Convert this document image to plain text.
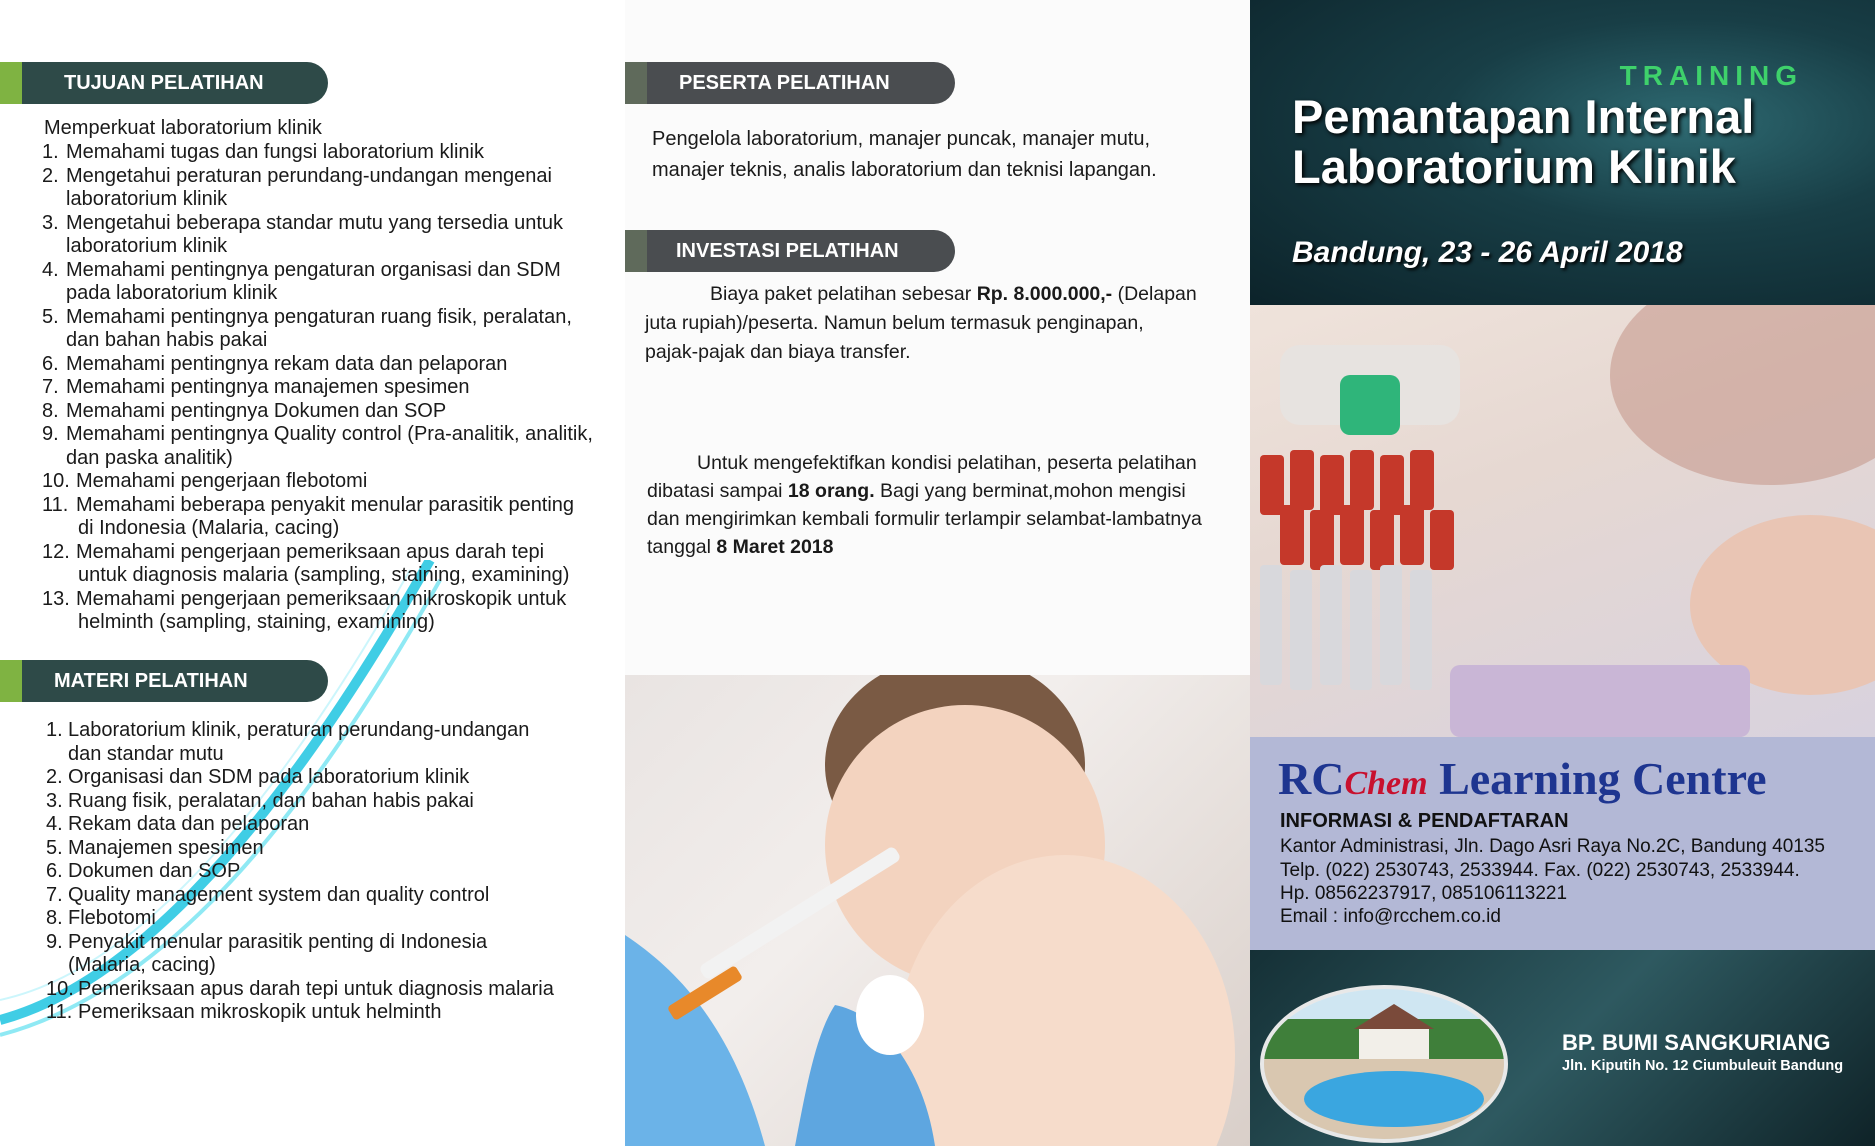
TUJUAN PELATIHAN
Memperkuat laboratorium klinik
1. Memahami tugas dan fungsi laboratorium klinik
2. Mengetahui peraturan perundang-undangan mengenai
laboratorium klinik
3. Mengetahui beberapa standar mutu yang tersedia untuk
laboratorium klinik
4. Memahami pentingnya pengaturan organisasi dan SDM
pada laboratorium klinik
5. Memahami pentingnya pengaturan ruang fisik, peralatan,
dan bahan habis pakai
6. Memahami pentingnya rekam data dan pelaporan
7. Memahami pentingnya manajemen spesimen
8. Memahami pentingnya Dokumen dan SOP
9. Memahami pentingnya Quality control (Pra-analitik, analitik,
dan paska analitik)
10. Memahami pengerjaan flebotomi
11. Memahami beberapa penyakit menular parasitik penting
di Indonesia (Malaria, cacing)
12. Memahami pengerjaan pemeriksaan apus darah tepi
untuk diagnosis malaria (sampling, staining, examining)
13. Memahami pengerjaan pemeriksaan mikroskopik untuk
helminth (sampling, staining, examining)
MATERI PELATIHAN
1. Laboratorium klinik, peraturan perundang-undangan
dan standar mutu
2. Organisasi dan SDM pada laboratorium klinik
3. Ruang fisik, peralatan, dan bahan habis pakai
4. Rekam data dan pelaporan
5. Manajemen spesimen
6. Dokumen dan SOP
7. Quality management system dan quality control
8. Flebotomi
9. Penyakit menular parasitik penting di Indonesia
(Malaria, cacing)
10. Pemeriksaan apus darah tepi untuk diagnosis malaria
11. Pemeriksaan mikroskopik untuk helminth
PESERTA PELATIHAN
Pengelola laboratorium, manajer puncak, manajer mutu,
manajer teknis, analis laboratorium dan teknisi lapangan.
INVESTASI PELATIHAN
Biaya paket pelatihan sebesar Rp. 8.000.000,- (Delapan
juta rupiah)/peserta. Namun belum termasuk penginapan,
pajak-pajak dan biaya transfer.
Untuk mengefektifkan kondisi pelatihan, peserta pelatihan
dibatasi sampai 18 orang. Bagi yang berminat,mohon mengisi
dan mengirimkan kembali formulir terlampir selambat-lambatnya
tanggal 8 Maret 2018
TRAINING
Pemantapan Internal
Laboratorium Klinik
Bandung, 23 - 26 April 2018
RCChem Learning Centre
INFORMASI & PENDAFTARAN
Kantor Administrasi, Jln. Dago Asri Raya No.2C, Bandung 40135
Telp. (022) 2530743, 2533944. Fax. (022) 2530743, 2533944.
Hp. 08562237917, 085106113221
Email : info@rcchem.co.id
BP. BUMI SANGKURIANG
Jln. Kiputih No. 12 Ciumbuleuit Bandung
